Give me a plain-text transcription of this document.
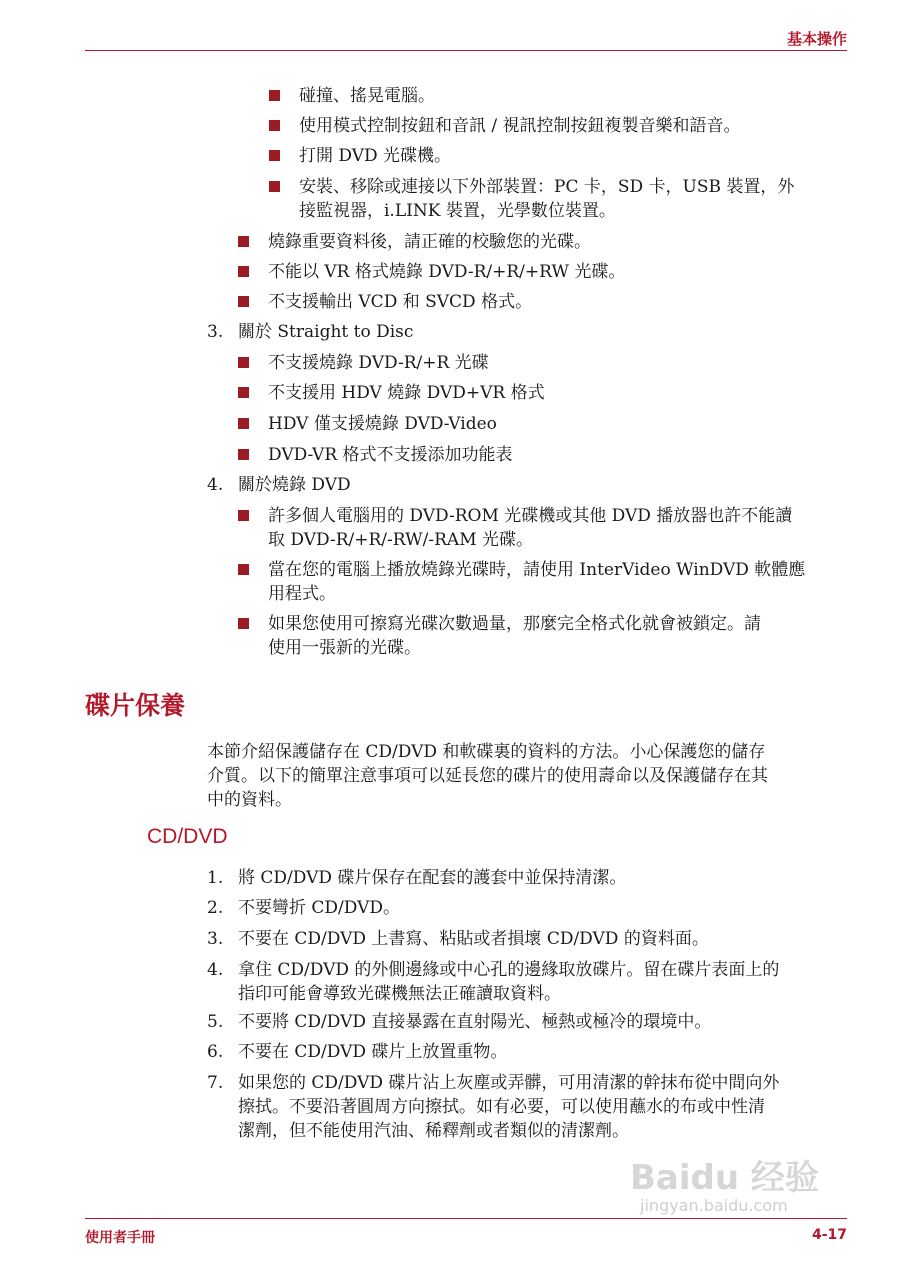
基本操作
碰撞、搖晃電腦。
使用模式控制按鈕和音訊 / 視訊控制按鈕複製音樂和語音。
打開 DVD 光碟機。
安裝、移除或連接以下外部裝置：PC 卡，SD 卡，USB 裝置，外
接監視器，i.LINK 裝置，光學數位裝置。
燒錄重要資料後，請正確的校驗您的光碟。
不能以 VR 格式燒錄 DVD-R/+R/+RW 光碟。
不支援輸出 VCD 和 SVCD 格式。
3. 關於 Straight to Disc
不支援燒錄 DVD-R/+R 光碟
不支援用 HDV 燒錄 DVD+VR 格式
HDV 僅支援燒錄 DVD-Video
DVD-VR 格式不支援添加功能表
4. 關於燒錄 DVD
許多個人電腦用的 DVD-ROM 光碟機或其他 DVD 播放器也許不能讀
取 DVD-R/+R/-RW/-RAM 光碟。
當在您的電腦上播放燒錄光碟時，請使用 InterVideo WinDVD 軟體應
用程式。
如果您使用可擦寫光碟次數過量，那麼完全格式化就會被鎖定。請
使用一張新的光碟。
碟片保養
本節介紹保護儲存在 CD/DVD 和軟碟裏的資料的方法。小心保護您的儲存
介質。以下的簡單注意事項可以延長您的碟片的使用壽命以及保護儲存在其
中的資料。
CD/DVD
1. 將 CD/DVD 碟片保存在配套的護套中並保持清潔。
2. 不要彎折 CD/DVD。
3. 不要在 CD/DVD 上書寫、粘貼或者損壞 CD/DVD 的資料面。
4. 拿住 CD/DVD 的外側邊緣或中心孔的邊緣取放碟片。留在碟片表面上的
指印可能會導致光碟機無法正確讀取資料。
5. 不要將 CD/DVD 直接暴露在直射陽光、極熱或極冷的環境中。
6. 不要在 CD/DVD 碟片上放置重物。
7. 如果您的 CD/DVD 碟片沾上灰塵或弄髒，可用清潔的幹抹布從中間向外
擦拭。不要沿著圓周方向擦拭。如有必要，可以使用蘸水的布或中性清
潔劑，但不能使用汽油、稀釋劑或者類似的清潔劑。
Baidu 经验
jingyan.baidu.com
使用者手冊	4-17
